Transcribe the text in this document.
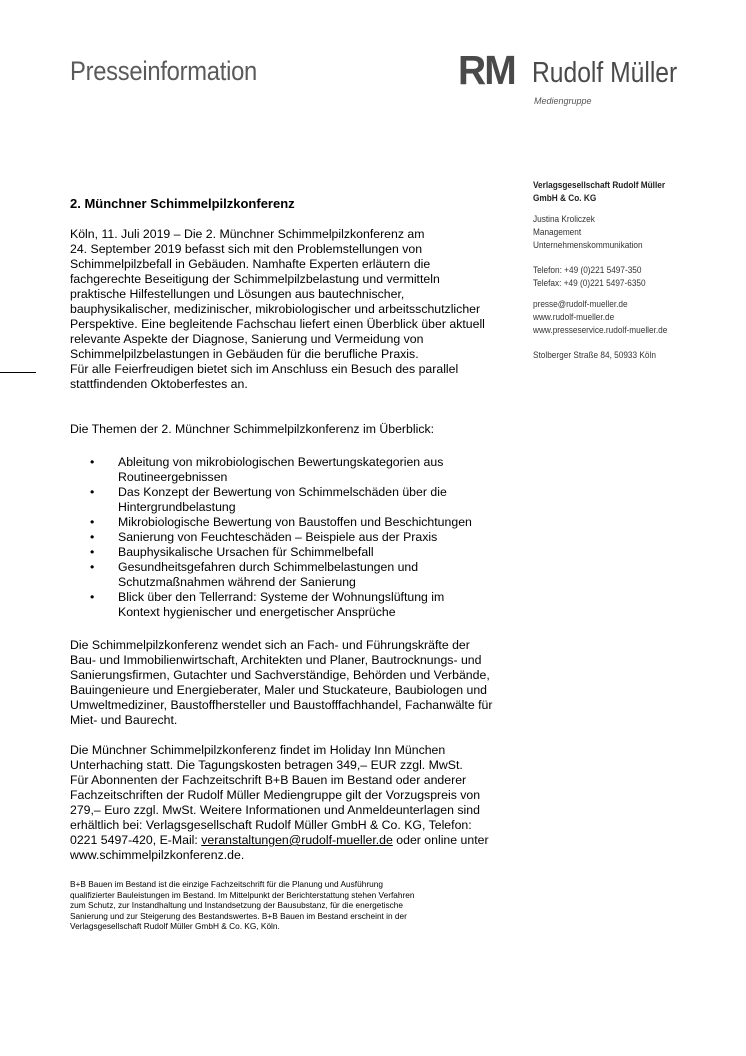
Presseinformation	RM Rudolf Müller
Mediengruppe

Verlagsgesellschaft Rudolf Müller

GmbH & Co. KG

Justina Kroliczek

Management

Unternehmenskommunikation

Telefon: +49 (0)221 5497-350

Telefax: +49 (0)221 5497-6350

presse@rudolf-mueller.de

www.rudolf-mueller.de

www.presseservice.rudolf-mueller.de

Stolberger Straße 84, 50933 Köln

2. Münchner Schimmelpilzkonferenz

Köln, 11. Juli 2019 – Die 2. Münchner Schimmelpilzkonferenz am

24. September 2019 befasst sich mit den Problemstellungen von

Schimmelpilzbefall in Gebäuden. Namhafte Experten erläutern die

fachgerechte Beseitigung der Schimmelpilzbelastung und vermitteln

praktische Hilfestellungen und Lösungen aus bautechnischer,

bauphysikalischer, medizinischer, mikrobiologischer und arbeitsschutzlicher

Perspektive. Eine begleitende Fachschau liefert einen Überblick über aktuell

relevante Aspekte der Diagnose, Sanierung und Vermeidung von

Schimmelpilzbelastungen in Gebäuden für die berufliche Praxis.

Für alle Feierfreudigen bietet sich im Anschluss ein Besuch des parallel

stattfindenden Oktoberfestes an.

Die Themen der 2. Münchner Schimmelpilzkonferenz im Überblick:

• Ableitung von mikrobiologischen Bewertungskategorien aus

Routineergebnissen

• Das Konzept der Bewertung von Schimmelschäden über die

Hintergrundbelastung

• Mikrobiologische Bewertung von Baustoffen und Beschichtungen

• Sanierung von Feuchteschäden – Beispiele aus der Praxis

• Bauphysikalische Ursachen für Schimmelbefall

• Gesundheitsgefahren durch Schimmelbelastungen und

Schutzmaßnahmen während der Sanierung

• Blick über den Tellerrand: Systeme der Wohnungslüftung im

Kontext hygienischer und energetischer Ansprüche

Die Schimmelpilzkonferenz wendet sich an Fach- und Führungskräfte der

Bau- und Immobilienwirtschaft, Architekten und Planer, Bautrocknungs- und

Sanierungsfirmen, Gutachter und Sachverständige, Behörden und Verbände,

Bauingenieure und Energieberater, Maler und Stuckateure, Baubiologen und

Umweltmediziner, Baustoffhersteller und Baustofffachhandel, Fachanwälte für

Miet- und Baurecht.

Die Münchner Schimmelpilzkonferenz findet im Holiday Inn München

Unterhaching statt. Die Tagungskosten betragen 349,– EUR zzgl. MwSt.

Für Abonnenten der Fachzeitschrift B+B Bauen im Bestand oder anderer

Fachzeitschriften der Rudolf Müller Mediengruppe gilt der Vorzugspreis von

279,– Euro zzgl. MwSt. Weitere Informationen und Anmeldeunterlagen sind

erhältlich bei: Verlagsgesellschaft Rudolf Müller GmbH & Co. KG, Telefon:

0221 5497-420, E-Mail: veranstaltungen@rudolf-mueller.de oder online unter

www.schimmelpilzkonferenz.de.

B+B Bauen im Bestand ist die einzige Fachzeitschrift für die Planung und Ausführung

qualifizierter Bauleistungen im Bestand. Im Mittelpunkt der Berichterstattung stehen Verfahren

zum Schutz, zur Instandhaltung und Instandsetzung der Bausubstanz, für die energetische

Sanierung und zur Steigerung des Bestandswertes. B+B Bauen im Bestand erscheint in der

Verlagsgesellschaft Rudolf Müller GmbH & Co. KG, Köln.
